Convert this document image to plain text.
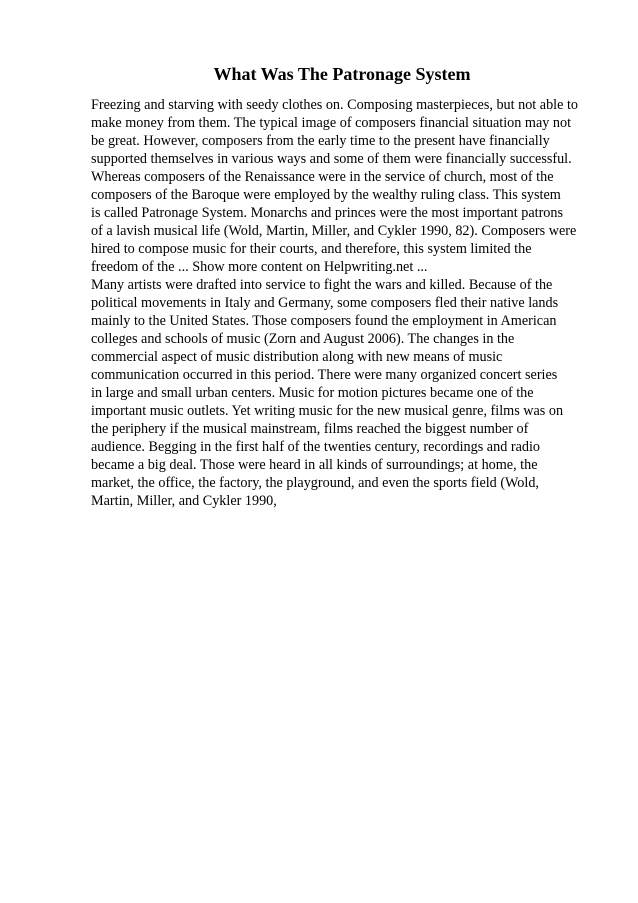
What Was The Patronage System
Freezing and starving with seedy clothes on. Composing masterpieces, but not able to
make money from them. The typical image of composers financial situation may not
be great. However, composers from the early time to the present have financially
supported themselves in various ways and some of them were financially successful.
Whereas composers of the Renaissance were in the service of church, most of the
composers of the Baroque were employed by the wealthy ruling class. This system
is called Patronage System. Monarchs and princes were the most important patrons
of a lavish musical life (Wold, Martin, Miller, and Cykler 1990, 82). Composers were
hired to compose music for their courts, and therefore, this system limited the
freedom of the ... Show more content on Helpwriting.net ...
Many artists were drafted into service to fight the wars and killed. Because of the
political movements in Italy and Germany, some composers fled their native lands
mainly to the United States. Those composers found the employment in American
colleges and schools of music (Zorn and August 2006). The changes in the
commercial aspect of music distribution along with new means of music
communication occurred in this period. There were many organized concert series
in large and small urban centers. Music for motion pictures became one of the
important music outlets. Yet writing music for the new musical genre, films was on
the periphery if the musical mainstream, films reached the biggest number of
audience. Begging in the first half of the twenties century, recordings and radio
became a big deal. Those were heard in all kinds of surroundings; at home, the
market, the office, the factory, the playground, and even the sports field (Wold,
Martin, Miller, and Cykler 1990,
